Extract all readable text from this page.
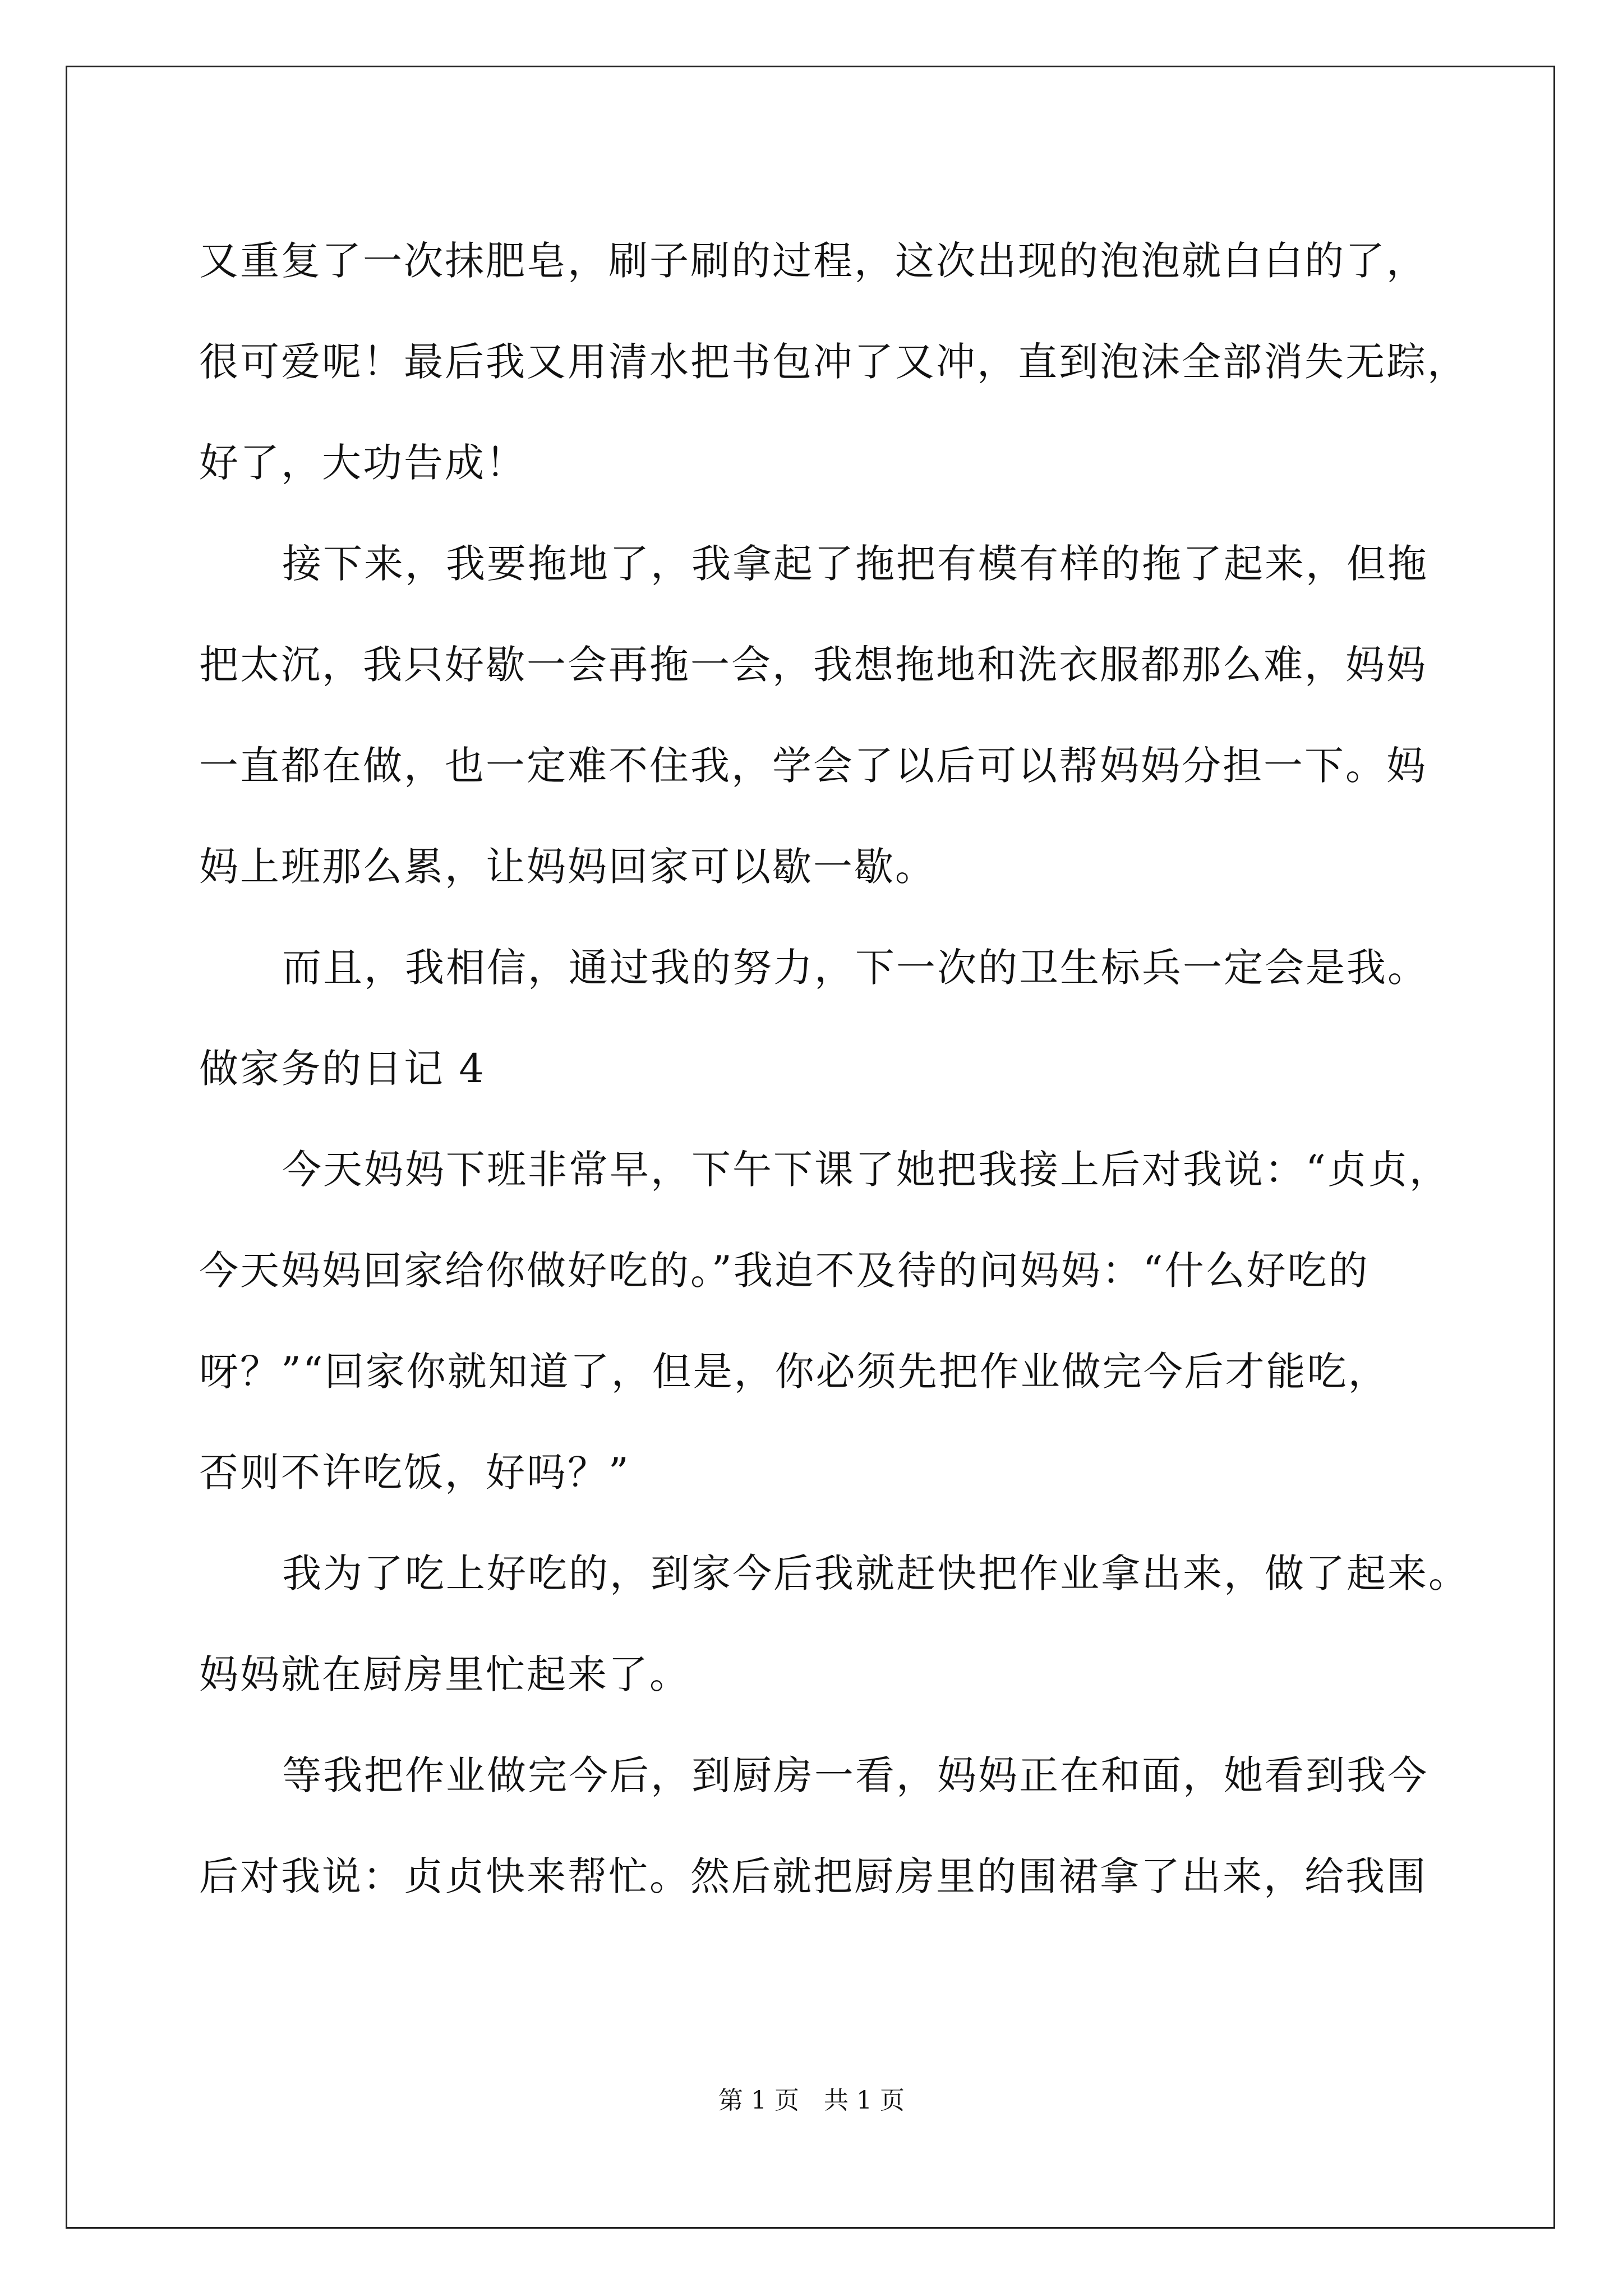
又重复了一次抹肥皂，刷子刷的过程，这次出现的泡泡就白白的了，
很可爱呢！最后我又用清水把书包冲了又冲，直到泡沫全部消失无踪，
好了，大功告成！
接下来，我要拖地了，我拿起了拖把有模有样的拖了起来，但拖
把太沉，我只好歇一会再拖一会，我想拖地和洗衣服都那么难，妈妈
一直都在做，也一定难不住我，学会了以后可以帮妈妈分担一下。妈
妈上班那么累，让妈妈回家可以歇一歇。
而且，我相信，通过我的努力，下一次的卫生标兵一定会是我。
做家务的日记 4
今天妈妈下班非常早，下午下课了她把我接上后对我说：“贞贞，
今天妈妈回家给你做好吃的。”我迫不及待的问妈妈：“什么好吃的
呀？”“回家你就知道了，但是，你必须先把作业做完今后才能吃，
否则不许吃饭，好吗？”
我为了吃上好吃的，到家今后我就赶快把作业拿出来，做了起来。
妈妈就在厨房里忙起来了。
等我把作业做完今后，到厨房一看，妈妈正在和面，她看到我今
后对我说：贞贞快来帮忙。然后就把厨房里的围裙拿了出来，给我围
第 1 页　共 1 页
